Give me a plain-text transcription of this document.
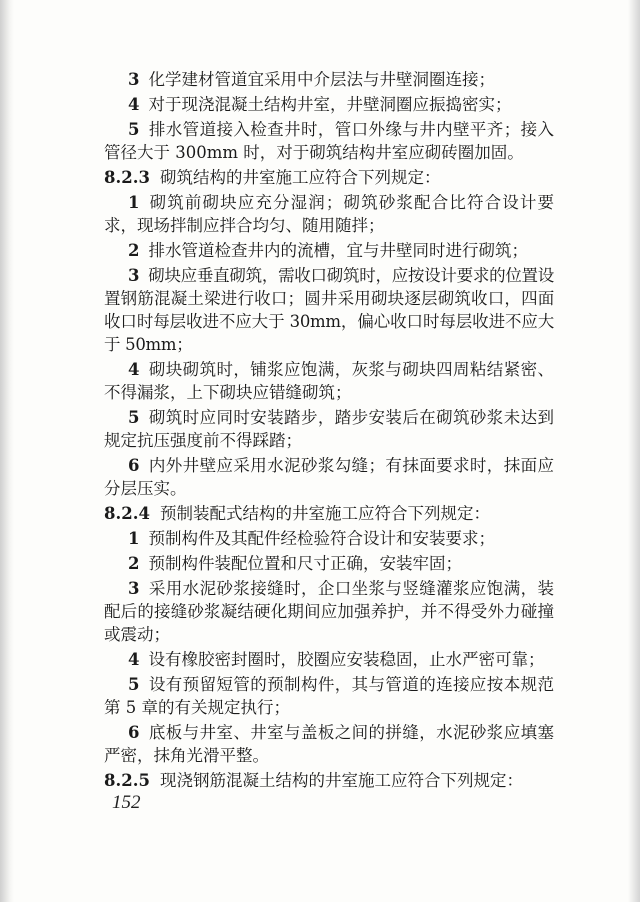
3 化学建材管道宜采用中介层法与井壁洞圈连接；
4 对于现浇混凝土结构井室，井壁洞圈应振捣密实；
5 排水管道接入检查井时，管口外缘与井内壁平齐；接入管径大于 300mm 时，对于砌筑结构井室应砌砖圈加固。
8.2.3 砌筑结构的井室施工应符合下列规定：
1 砌筑前砌块应充分湿润；砌筑砂浆配合比符合设计要求，现场拌制应拌合均匀、随用随拌；
2 排水管道检查井内的流槽，宜与井壁同时进行砌筑；
3 砌块应垂直砌筑，需收口砌筑时，应按设计要求的位置设置钢筋混凝土梁进行收口；圆井采用砌块逐层砌筑收口，四面收口时每层收进不应大于 30mm，偏心收口时每层收进不应大于 50mm；
4 砌块砌筑时，铺浆应饱满，灰浆与砌块四周粘结紧密、不得漏浆，上下砌块应错缝砌筑；
5 砌筑时应同时安装踏步，踏步安装后在砌筑砂浆未达到规定抗压强度前不得踩踏；
6 内外井壁应采用水泥砂浆勾缝；有抹面要求时，抹面应分层压实。
8.2.4 预制装配式结构的井室施工应符合下列规定：
1 预制构件及其配件经检验符合设计和安装要求；
2 预制构件装配位置和尺寸正确，安装牢固；
3 采用水泥砂浆接缝时，企口坐浆与竖缝灌浆应饱满，装配后的接缝砂浆凝结硬化期间应加强养护，并不得受外力碰撞或震动；
4 设有橡胶密封圈时，胶圈应安装稳固，止水严密可靠；
5 设有预留短管的预制构件，其与管道的连接应按本规范第 5 章的有关规定执行；
6 底板与井室、井室与盖板之间的拼缝，水泥砂浆应填塞严密，抹角光滑平整。
8.2.5 现浇钢筋混凝土结构的井室施工应符合下列规定：
152
